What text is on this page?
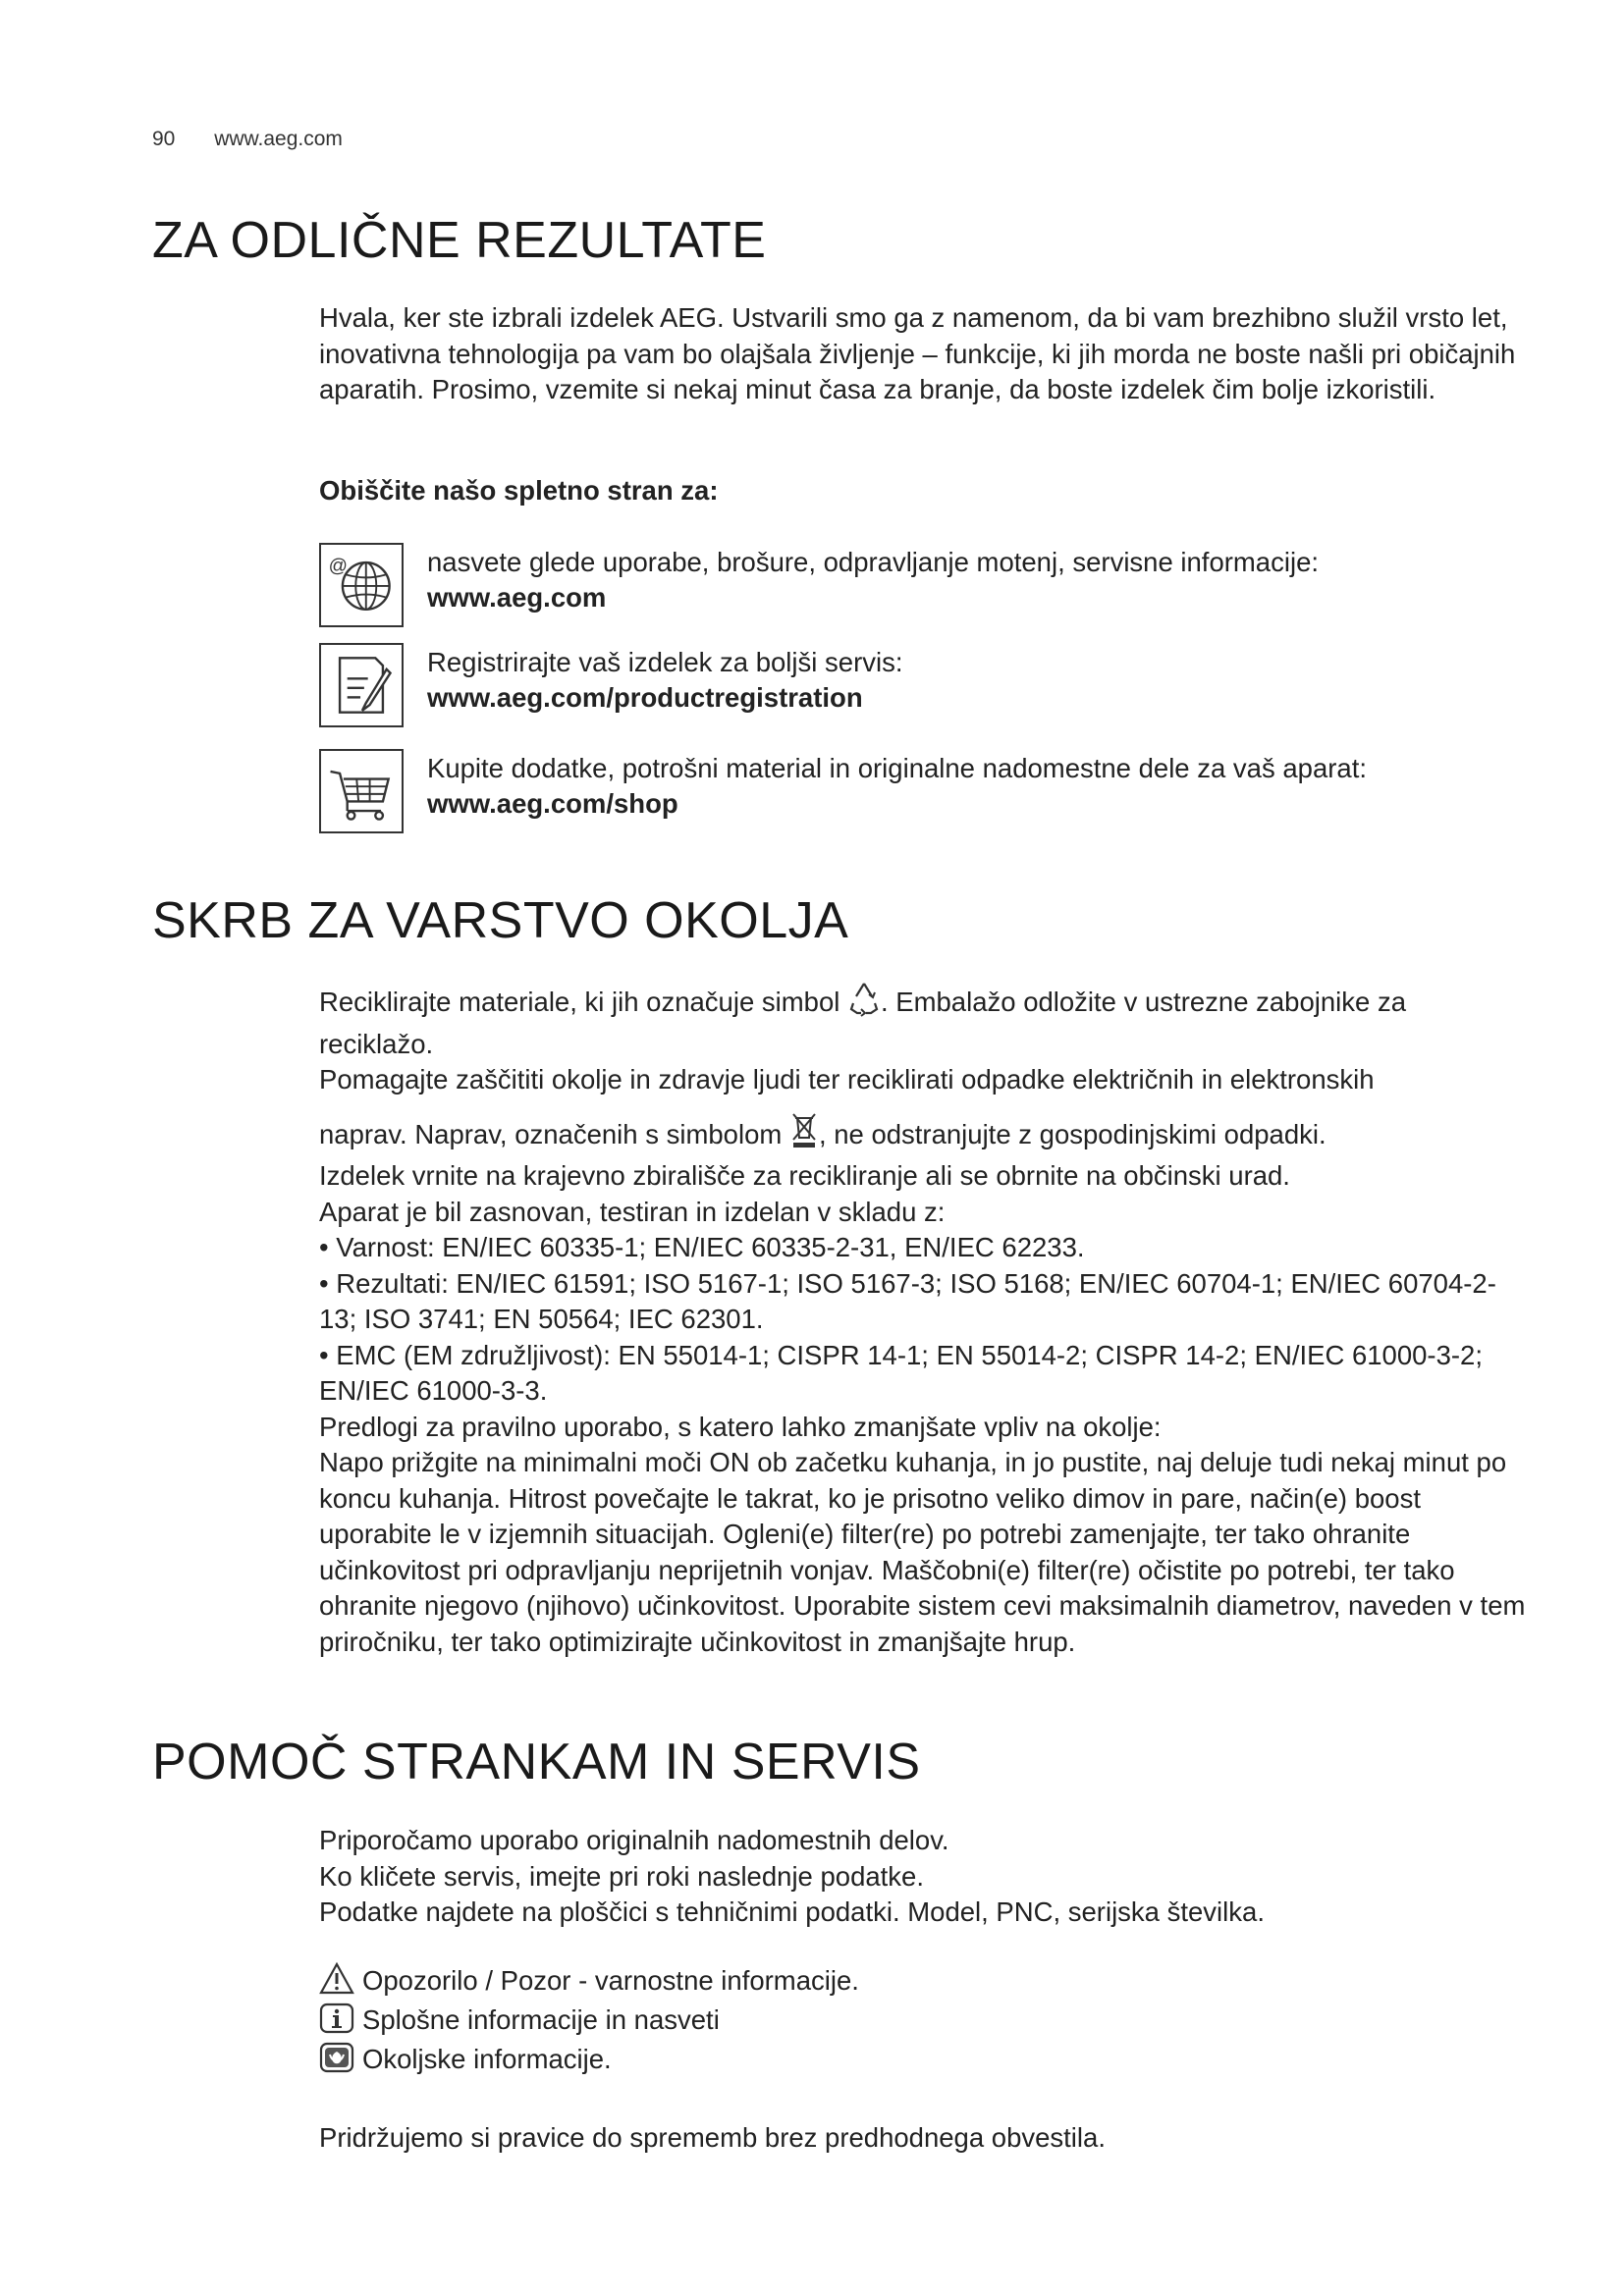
90 www.aeg.com
ZA ODLIČNE REZULTATE

Hvala, ker ste izbrali izdelek AEG. Ustvarili smo ga z namenom, da bi vam brezhibno služil vrsto let, inovativna tehnologija pa vam bo olajšala življenje – funkcije, ki jih morda ne boste našli pri običajnih aparatih. Prosimo, vzemite si nekaj minut časa za branje, da boste izdelek čim bolje izkoristili.

Obiščite našo spletno stran za:
@	nasvete glede uporabe, brošure, odpravljanje motenj, servisne informacije:
www.aeg.com
Registrirajte vaš izdelek za boljši servis:
www.aeg.com/productregistration
Kupite dodatke, potrošni material in originalne nadomestne dele za vaš aparat:
www.aeg.com/shop
SKRB ZA VARSTVO OKOLJA

Reciklirajte materiale, ki jih označuje simbol . Embalažo odložite v ustrezne zabojnike za reciklažo.

Pomagajte zaščititi okolje in zdravje ljudi ter reciklirati odpadke električnih in elektronskih

naprav. Naprav, označenih s simbolom , ne odstranjujte z gospodinjskimi odpadki.

Izdelek vrnite na krajevno zbirališče za recikliranje ali se obrnite na občinski urad.

Aparat je bil zasnovan, testiran in izdelan v skladu z:

• Varnost: EN/IEC 60335-1; EN/IEC 60335-2-31, EN/IEC 62233.

• Rezultati: EN/IEC 61591; ISO 5167-1; ISO 5167-3; ISO 5168; EN/IEC 60704-1; EN/IEC 60704-2-13; ISO 3741; EN 50564; IEC 62301.

• EMC (EM združljivost): EN 55014-1; CISPR 14-1; EN 55014-2; CISPR 14-2; EN/IEC 61000-3-2; EN/IEC 61000-3-3.

Predlogi za pravilno uporabo, s katero lahko zmanjšate vpliv na okolje:

Napo prižgite na minimalni moči ON ob začetku kuhanja, in jo pustite, naj deluje tudi nekaj minut po koncu kuhanja. Hitrost povečajte le takrat, ko je prisotno veliko dimov in pare, način(e) boost uporabite le v izjemnih situacijah. Ogleni(e) filter(re) po potrebi zamenjajte, ter tako ohranite učinkovitost pri odpravljanju neprijetnih vonjav. Maščobni(e) filter(re) očistite po potrebi, ter tako ohranite njegovo (njihovo) učinkovitost. Uporabite sistem cevi maksimalnih diametrov, naveden v tem priročniku, ter tako optimizirajte učinkovitost in zmanjšajte hrup.

POMOČ STRANKAM IN SERVIS

Priporočamo uporabo originalnih nadomestnih delov.

Ko kličete servis, imejte pri roki naslednje podatke.

Podatke najdete na ploščici s tehničnimi podatki. Model, PNC, serijska številka.

Opozorilo / Pozor - varnostne informacije.
Splošne informacije in nasveti
Okoljske informacije.
Pridržujemo si pravice do sprememb brez predhodnega obvestila.
